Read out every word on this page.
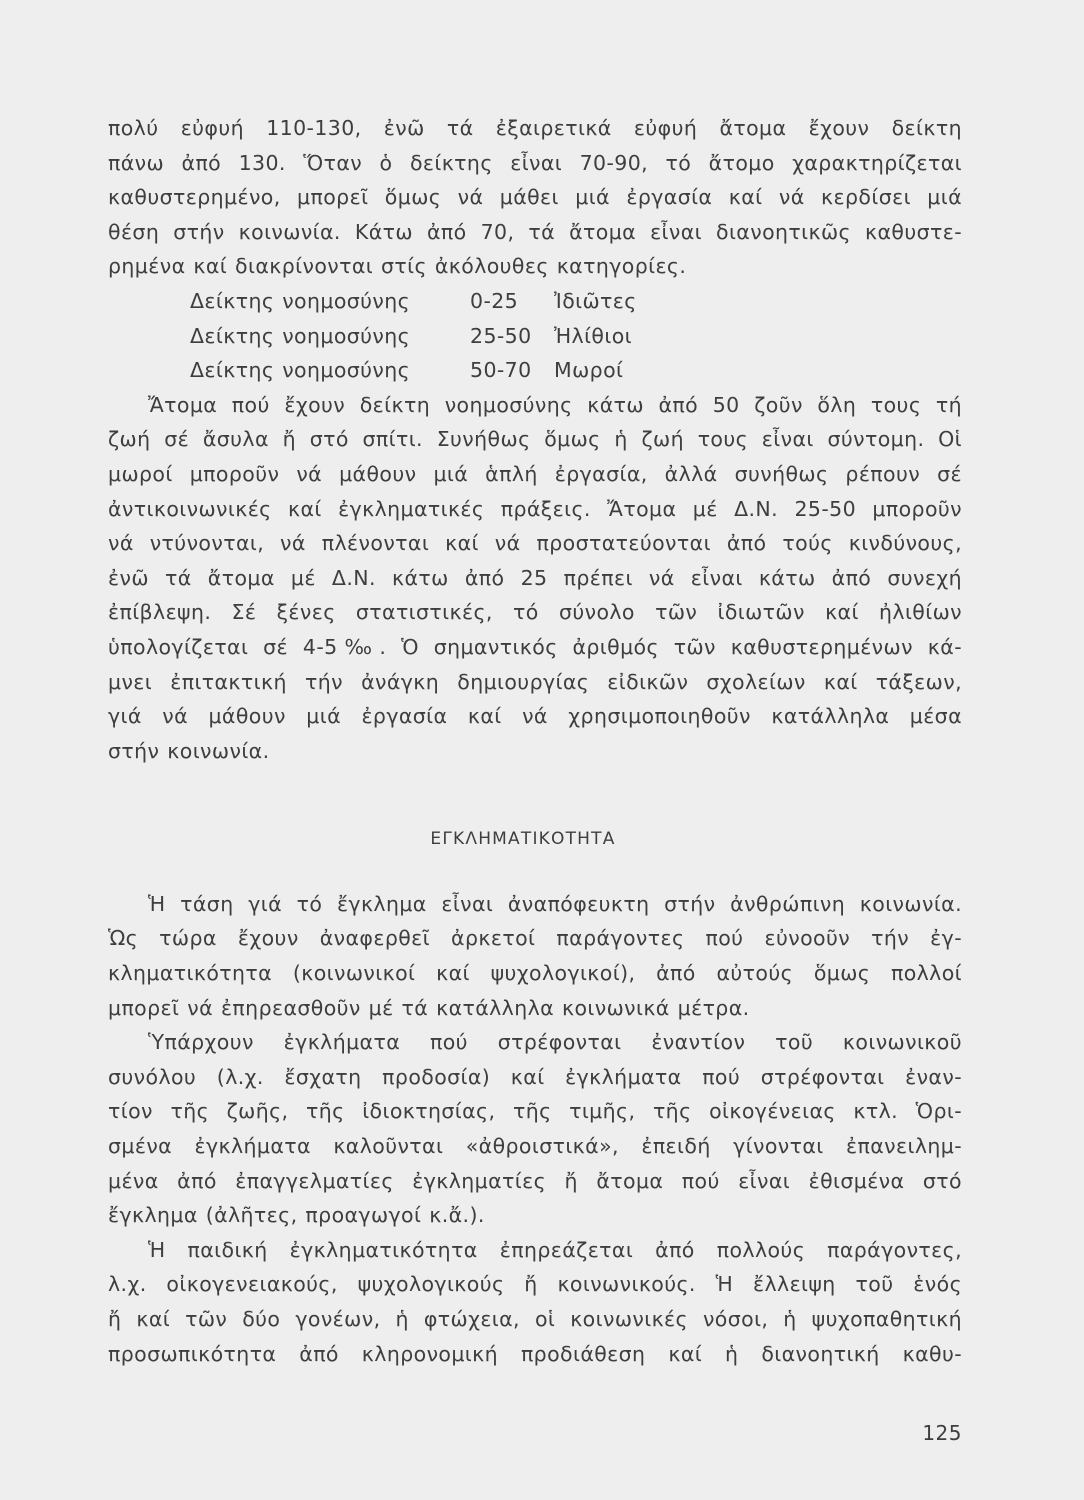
πολύ εὐφυή 110-130, ἐνῶ τά ἐξαιρετικά εὐφυή ἄτομα ἔχουν δείκτη
πάνω ἀπό 130. Ὅταν ὁ δείκτης εἶναι 70-90, τό ἄτομο χαρακτηρίζεται
καθυστερημένο, μπορεῖ ὅμως νά μάθει μιά ἐργασία καί νά κερδίσει μιά
θέση στήν κοινωνία. Κάτω ἀπό 70, τά ἄτομα εἶναι διανοητικῶς καθυστε-
ρημένα καί διακρίνονται στίς ἀκόλουθες κατηγορίες.
Δείκτης νοημοσύνης	0-25 Ἰδιῶτες
Δείκτης νοημοσύνης	25-50 Ἠλίθιοι
Δείκτης νοημοσύνης	50-70 Μωροί
Ἄτομα πού ἔχουν δείκτη νοημοσύνης κάτω ἀπό 50 ζοῦν ὅλη τους τή
ζωή σέ ἄσυλα ἤ στό σπίτι. Συνήθως ὅμως ἡ ζωή τους εἶναι σύντομη. Οἱ
μωροί μποροῦν νά μάθουν μιά ἁπλή ἐργασία, ἀλλά συνήθως ρέπουν σέ
ἀντικοινωνικές καί ἐγκληματικές πράξεις. Ἄτομα μέ Δ.Ν. 25-50 μποροῦν
νά ντύνονται, νά πλένονται καί νά προστατεύονται ἀπό τούς κινδύνους,
ἐνῶ τά ἄτομα μέ Δ.Ν. κάτω ἀπό 25 πρέπει νά εἶναι κάτω ἀπό συνεχή
ἐπίβλεψη. Σέ ξένες στατιστικές, τό σύνολο τῶν ἰδιωτῶν καί ἠλιθίων
ὑπολογίζεται σέ 4-5‰. Ὁ σημαντικός ἀριθμός τῶν καθυστερημένων κά-
μνει ἐπιτακτική τήν ἀνάγκη δημιουργίας εἰδικῶν σχολείων καί τάξεων,
γιά νά μάθουν μιά ἐργασία καί νά χρησιμοποιηθοῦν κατάλληλα μέσα
στήν κοινωνία.
ΕΓΚΛΗΜΑΤΙΚΟΤΗΤΑ
Ἡ τάση γιά τό ἔγκλημα εἶναι ἀναπόφευκτη στήν ἀνθρώπινη κοινωνία.
Ὡς τώρα ἔχουν ἀναφερθεῖ ἀρκετοί παράγοντες πού εὐνοοῦν τήν ἐγ-
κληματικότητα (κοινωνικοί καί ψυχολογικοί), ἀπό αὐτούς ὅμως πολλοί
μπορεῖ νά ἐπηρεασθοῦν μέ τά κατάλληλα κοινωνικά μέτρα.
Ὑπάρχουν ἐγκλήματα πού στρέφονται ἐναντίον τοῦ κοινωνικοῦ
συνόλου (λ.χ. ἔσχατη προδοσία) καί ἐγκλήματα πού στρέφονται ἐναν-
τίον τῆς ζωῆς, τῆς ἰδιοκτησίας, τῆς τιμῆς, τῆς οἰκογένειας κτλ. Ὁρι-
σμένα ἐγκλήματα καλοῦνται «ἀθροιστικά», ἐπειδή γίνονται ἐπανειλημ-
μένα ἀπό ἐπαγγελματίες ἐγκληματίες ἤ ἄτομα πού εἶναι ἐθισμένα στό
ἔγκλημα (ἀλῆτες, προαγωγοί κ.ἄ.).
Ἡ παιδική ἐγκληματικότητα ἐπηρεάζεται ἀπό πολλούς παράγοντες,
λ.χ. οἰκογενειακούς, ψυχολογικούς ἤ κοινωνικούς. Ἡ ἔλλειψη τοῦ ἑνός
ἤ καί τῶν δύο γονέων, ἡ φτώχεια, οἱ κοινωνικές νόσοι, ἡ ψυχοπαθητική
προσωπικότητα ἀπό κληρονομική προδιάθεση καί ἡ διανοητική καθυ-
125
